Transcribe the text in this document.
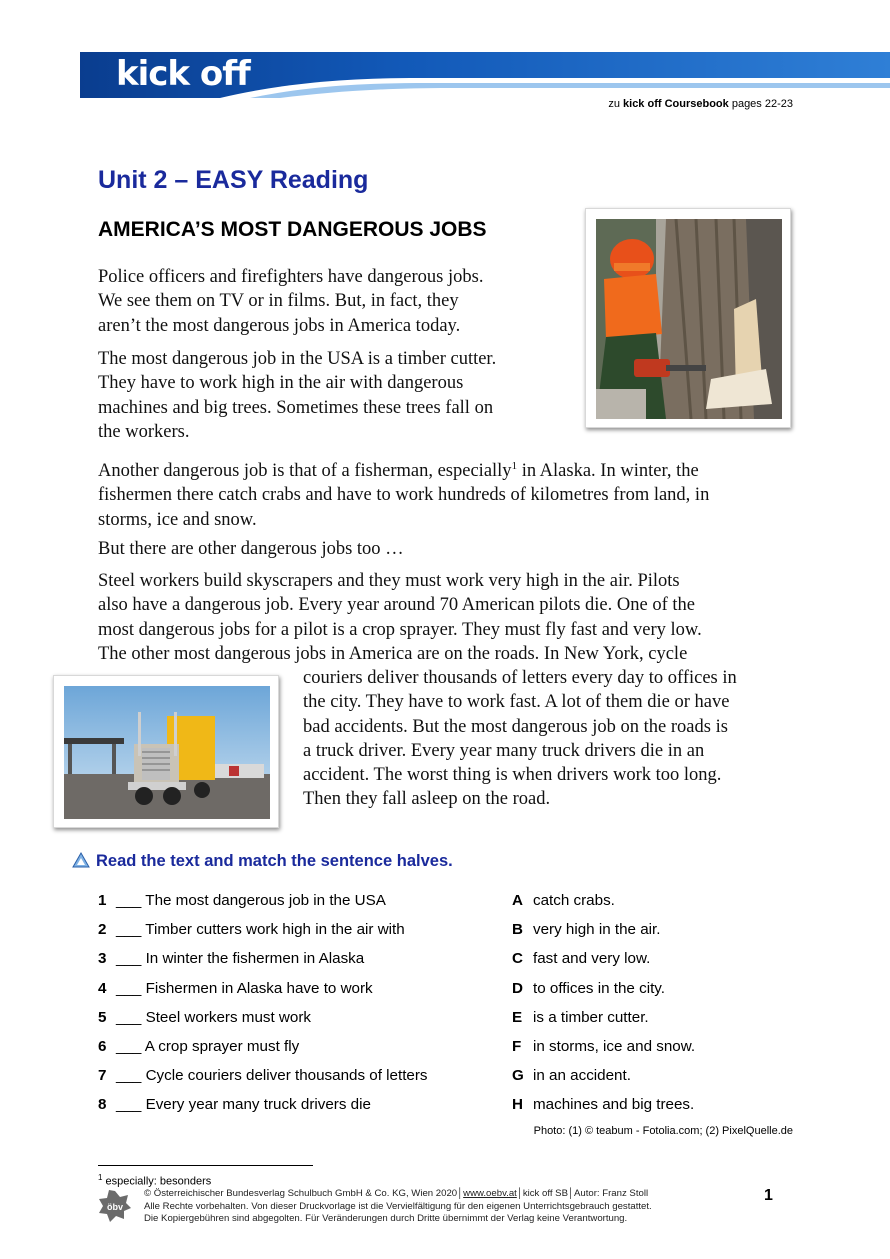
kick off
zu kick off Coursebook pages 22-23
Unit 2 – EASY Reading
AMERICA’S MOST DANGEROUS JOBS
Police officers and firefighters have dangerous jobs.
We see them on TV or in films. But, in fact, they
aren’t the most dangerous jobs in America today.
The most dangerous job in the USA is a timber cutter.
They have to work high in the air with dangerous
machines and big trees. Sometimes these trees fall on
the workers.
Another dangerous job is that of a fisherman, especially$^1$ in Alaska. In winter, the
fishermen there catch crabs and have to work hundreds of kilometres from land, in
storms, ice and snow.
But there are other dangerous jobs too …
Steel workers build skyscrapers and they must work very high in the air. Pilots
also have a dangerous job. Every year around 70 American pilots die. One of the
most dangerous jobs for a pilot is a crop sprayer. They must fly fast and very low.
The other most dangerous jobs in America are on the roads. In New York, cycle
couriers deliver thousands of letters every day to offices in
the city. They have to work fast. A lot of them die or have
bad accidents. But the most dangerous job on the roads is
a truck driver. Every year many truck drivers die in an
accident. The worst thing is when drivers work too long.
Then they fall asleep on the road.
Read the text and match the sentence halves.
1 ___ The most dangerous job in the USA
2 ___ Timber cutters work high in the air with
3 ___ In winter the fishermen in Alaska
4 ___ Fishermen in Alaska have to work
5 ___ Steel workers must work
6 ___ A crop sprayer must fly
7 ___ Cycle couriers deliver thousands of letters
8 ___ Every year many truck drivers die
A catch crabs.
B very high in the air.
C fast and very low.
D to offices in the city.
E is a timber cutter.
F in storms, ice and snow.
G in an accident.
H machines and big trees.
Photo: (1) © teabum - Fotolia.com; (2) PixelQuelle.de
$^1$ especially: besonders
öbv
© Österreichischer Bundesverlag Schulbuch GmbH & Co. KG, Wien 2020│www.oebv.at│kick off SB│Autor: Franz Stoll
Alle Rechte vorbehalten. Von dieser Druckvorlage ist die Vervielfältigung für den eigenen Unterrichtsgebrauch gestattet.
Die Kopiergebühren sind abgegolten. Für Veränderungen durch Dritte übernimmt der Verlag keine Verantwortung.
1
